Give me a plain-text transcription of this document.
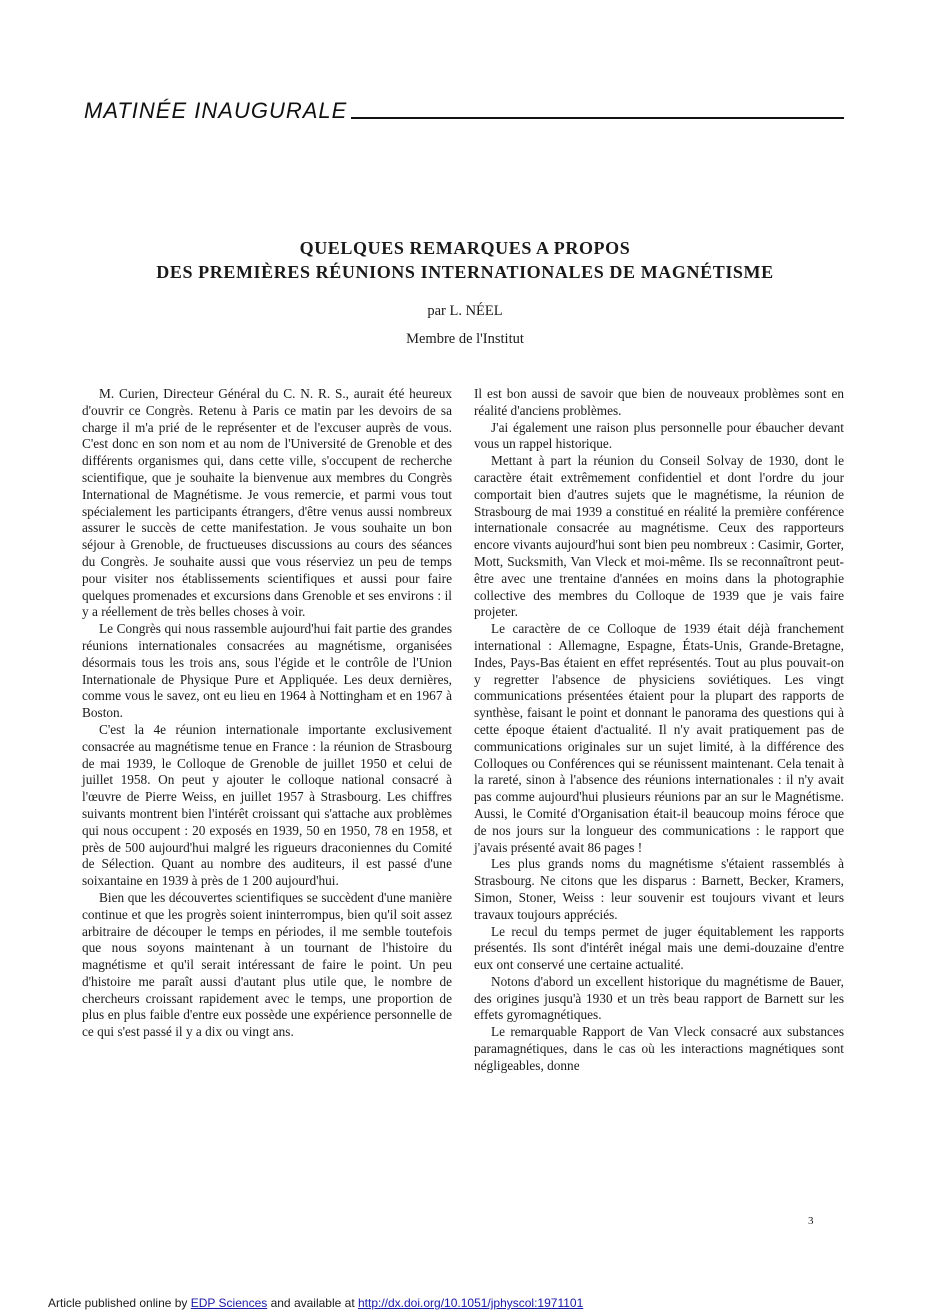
MATINÉE INAUGURALE
QUELQUES REMARQUES A PROPOS
DES PREMIÈRES RÉUNIONS INTERNATIONALES DE MAGNÉTISME
par L. NÉEL
Membre de l'Institut

M. Curien, Directeur Général du C. N. R. S., aurait été heureux d'ouvrir ce Congrès. Retenu à Paris ce matin par les devoirs de sa charge il m'a prié de le représenter et de l'excuser auprès de vous. C'est donc en son nom et au nom de l'Université de Grenoble et des différents organismes qui, dans cette ville, s'occupent de recherche scientifique, que je souhaite la bienvenue aux membres du Congrès International de Magnétisme. Je vous remercie, et parmi vous tout spécialement les participants étrangers, d'être venus aussi nombreux assurer le succès de cette manifestation. Je vous souhaite un bon séjour à Grenoble, de fructueuses discussions au cours des séances du Congrès. Je souhaite aussi que vous réserviez un peu de temps pour visiter nos établissements scientifiques et aussi pour faire quelques promenades et excursions dans Grenoble et ses environs : il y a réellement de très belles choses à voir.

Le Congrès qui nous rassemble aujourd'hui fait partie des grandes réunions internationales consacrées au magnétisme, organisées désormais tous les trois ans, sous l'égide et le contrôle de l'Union Internationale de Physique Pure et Appliquée. Les deux dernières, comme vous le savez, ont eu lieu en 1964 à Nottingham et en 1967 à Boston.

C'est la 4e réunion internationale importante exclusivement consacrée au magnétisme tenue en France : la réunion de Strasbourg de mai 1939, le Colloque de Grenoble de juillet 1950 et celui de juillet 1958. On peut y ajouter le colloque national consacré à l'œuvre de Pierre Weiss, en juillet 1957 à Strasbourg. Les chiffres suivants montrent bien l'intérêt croissant qui s'attache aux problèmes qui nous occupent : 20 exposés en 1939, 50 en 1950, 78 en 1958, et près de 500 aujourd'hui malgré les rigueurs draconiennes du Comité de Sélection. Quant au nombre des auditeurs, il est passé d'une soixantaine en 1939 à près de 1 200 aujourd'hui.

Bien que les découvertes scientifiques se succèdent d'une manière continue et que les progrès soient ininterrompus, bien qu'il soit assez arbitraire de découper le temps en périodes, il me semble toutefois que nous soyons maintenant à un tournant de l'histoire du magnétisme et qu'il serait intéressant de faire le point. Un peu d'histoire me paraît aussi d'autant plus utile que, le nombre de chercheurs croissant rapidement avec le temps, une proportion de plus en plus faible d'entre eux possède une expérience personnelle de ce qui s'est passé il y a dix ou vingt ans.

Il est bon aussi de savoir que bien de nouveaux problèmes sont en réalité d'anciens problèmes.

J'ai également une raison plus personnelle pour ébaucher devant vous un rappel historique.

Mettant à part la réunion du Conseil Solvay de 1930, dont le caractère était extrêmement confidentiel et dont l'ordre du jour comportait bien d'autres sujets que le magnétisme, la réunion de Strasbourg de mai 1939 a constitué en réalité la première conférence internationale consacrée au magnétisme. Ceux des rapporteurs encore vivants aujourd'hui sont bien peu nombreux : Casimir, Gorter, Mott, Sucksmith, Van Vleck et moi-même. Ils se reconnaîtront peut-être avec une trentaine d'années en moins dans la photographie collective des membres du Colloque de 1939 que je vais faire projeter.

Le caractère de ce Colloque de 1939 était déjà franchement international : Allemagne, Espagne, États-Unis, Grande-Bretagne, Indes, Pays-Bas étaient en effet représentés. Tout au plus pouvait-on y regretter l'absence de physiciens soviétiques. Les vingt communications présentées étaient pour la plupart des rapports de synthèse, faisant le point et donnant le panorama des questions qui à cette époque étaient d'actualité. Il n'y avait pratiquement pas de communications originales sur un sujet limité, à la différence des Colloques ou Conférences qui se réunissent maintenant. Cela tenait à la rareté, sinon à l'absence des réunions internationales : il n'y avait pas comme aujourd'hui plusieurs réunions par an sur le Magnétisme. Aussi, le Comité d'Organisation était-il beaucoup moins féroce que de nos jours sur la longueur des communications : le rapport que j'avais présenté avait 86 pages !

Les plus grands noms du magnétisme s'étaient rassemblés à Strasbourg. Ne citons que les disparus : Barnett, Becker, Kramers, Simon, Stoner, Weiss : leur souvenir est toujours vivant et leurs travaux toujours appréciés.

Le recul du temps permet de juger équitablement les rapports présentés. Ils sont d'intérêt inégal mais une demi-douzaine d'entre eux ont conservé une certaine actualité.

Notons d'abord un excellent historique du magnétisme de Bauer, des origines jusqu'à 1930 et un très beau rapport de Barnett sur les effets gyromagnétiques.

Le remarquable Rapport de Van Vleck consacré aux substances paramagnétiques, dans le cas où les interactions magnétiques sont négligeables, donne

3
Article published online by EDP Sciences and available at http://dx.doi.org/10.1051/jphyscol:1971101
